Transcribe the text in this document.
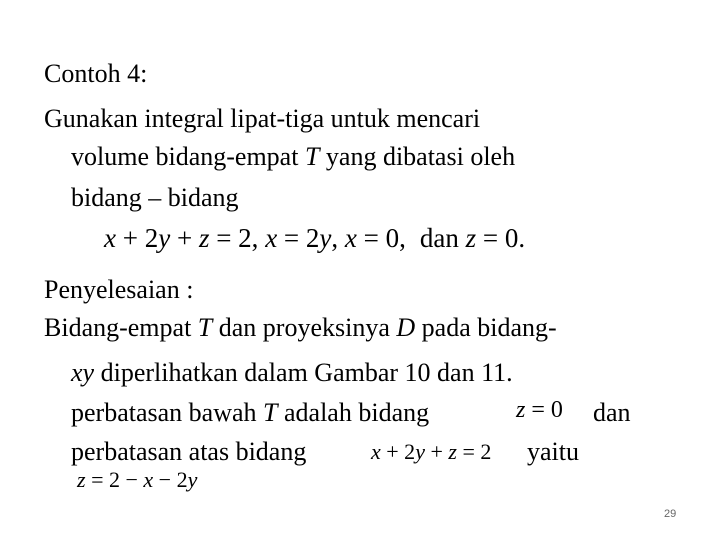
Contoh 4:
Gunakan integral lipat-tiga untuk mencari
volume bidang-empat T yang dibatasi oleh
bidang – bidang
x + 2y + z = 2, x = 2y, x = 0, dan z = 0.
Penyelesaian :
Bidang-empat T dan proyeksinya D pada bidang-
xy diperlihatkan dalam Gambar 10 dan 11.
perbatasan bawah T adalah bidang	z = 0 dan
perbatasan atas bidang	x + 2y + z = 2 yaitu
z = 2 − x − 2y
29
